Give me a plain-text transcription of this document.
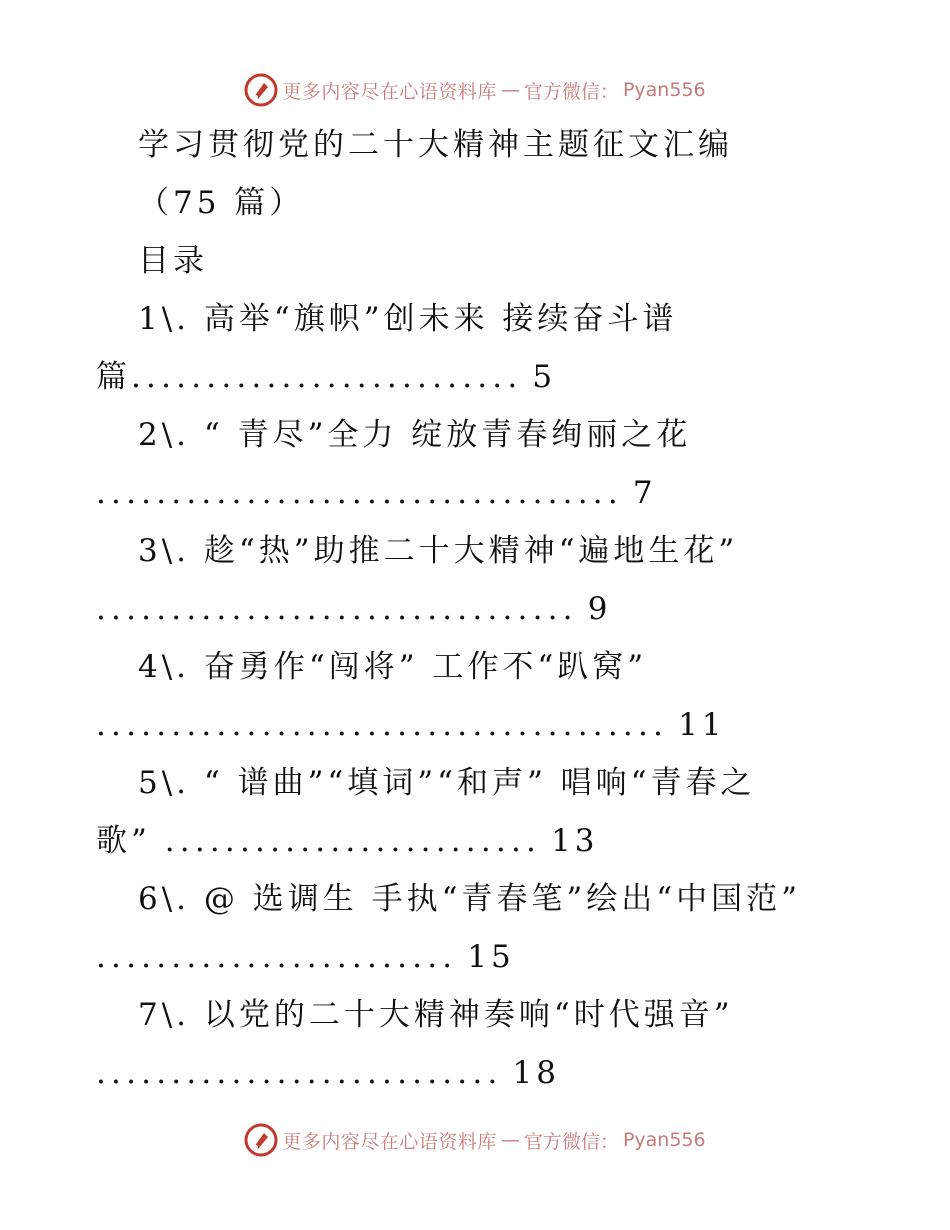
更多内容尽在心语资料库 — 官方微信： Pyan556
学习贯彻党的二十大精神主题征文汇编
（75 篇）
目录
1\. 高举“旗帜”创未来 接续奋斗谱
篇.......................... 5
2\. “ 青尽”全力 绽放青春绚丽之花
................................... 7
3\. 趁“热”助推二十大精神“遍地生花”
................................ 9
4\. 奋勇作“闯将” 工作不“趴窝”
...................................... 11
5\. “ 谱曲”“填词”“和声” 唱响“青春之
歌” ......................... 13
6\. @ 选调生 手执“青春笔”绘出“中国范”
........................ 15
7\. 以党的二十大精神奏响“时代强音”
........................... 18
更多内容尽在心语资料库 — 官方微信： Pyan556
